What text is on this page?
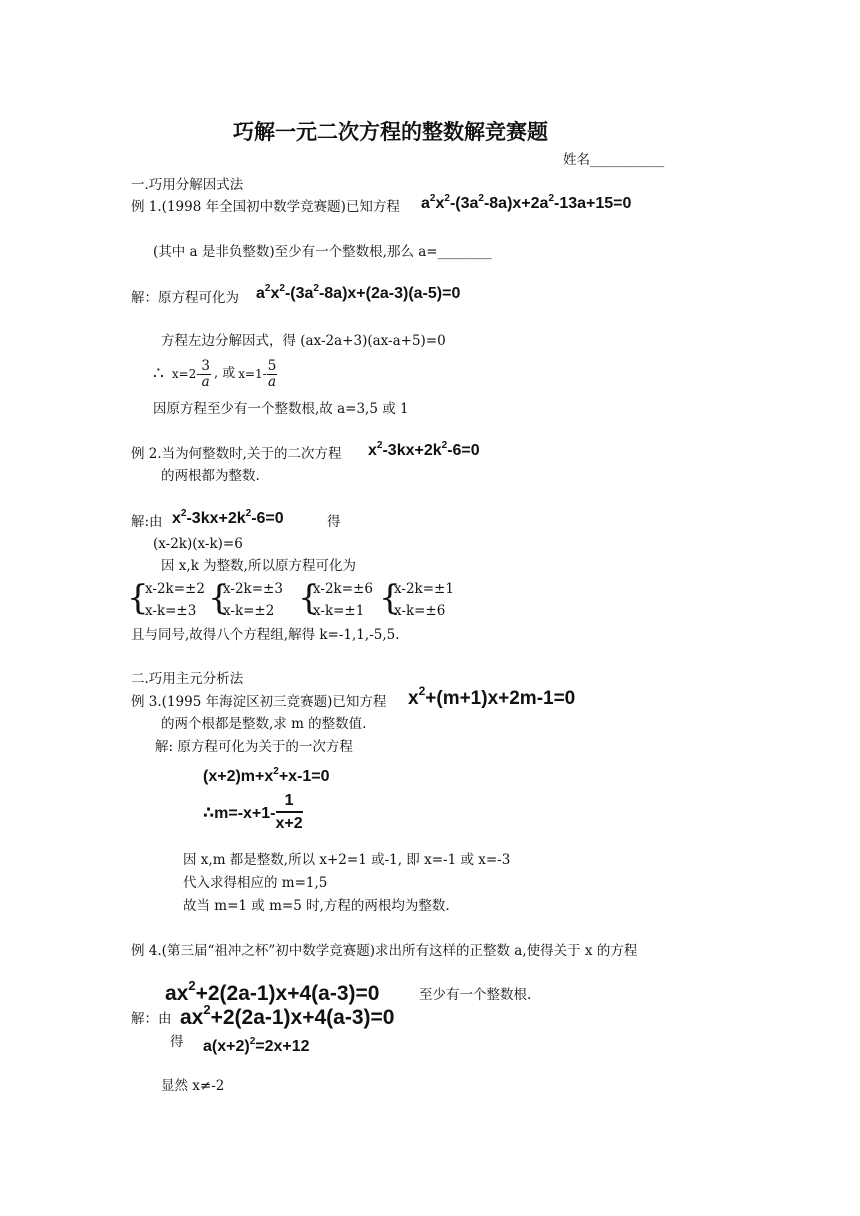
巧解一元二次方程的整数解竞赛题
姓名___________
一.巧用分解因式法
例 1.(1998 年全国初中数学竞赛题)已知方程 $a^2x^2-(3a^2-8a)x+2a^2-13a+15=0$
(其中 a 是非负整数)至少有一个整数根,那么 a=________
解：原方程可化为 $a^2x^2-(3a^2-8a)x+(2a-3)(a-5)=0$
方程左边分解因式，得 (ax-2a+3)(ax-a+5)=0
∴ $x=2- \frac{3}{a}$ , 或 $x=1- \frac{5}{a}$
因原方程至少有一个整数根,故 a=3,5 或 1
例 2.当为何整数时,关于的二次方程 $x^2-3kx+2k^2-6=0$
的两根都为整数.
解:由 $x^2-3kx+2k^2-6=0$	得
(x-2k)(x-k)=6
因 x,k 为整数,所以原方程可化为
{
x-2k=±2
x-k=±3 {
x-2k=±3
x-k=±2 {
x-2k=±6
x-k=±1 {
x-2k=±1
x-k=±6
且与同号,故得八个方程组,解得 k=-1,1,-5,5.
二.巧用主元分析法
例 3.(1995 年海淀区初三竞赛题)已知方程 $x^2+(m+1)x+2m-1=0$
的两个根都是整数,求 m 的整数值.
解: 原方程可化为关于的一次方程
$(x+2)m+x^2+x-1=0$
∴m=-x+1- $\frac{1}{x+2}$
因 x,m 都是整数,所以 x+2=1 或-1, 即 x=-1 或 x=-3
代入求得相应的 m=1,5
故当 m=1 或 m=5 时,方程的两根均为整数.
例 4.(第三届“祖冲之杯”初中数学竞赛题)求出所有这样的正整数 a,使得关于 x 的方程
$ax^2+2(2a-1)x+4(a-3)=0$	至少有一个整数根.
解：由 $ax^2+2(2a-1)x+4(a-3)=0$
得 $a(x+2)^2=2x+12$
显然 x≠-2
